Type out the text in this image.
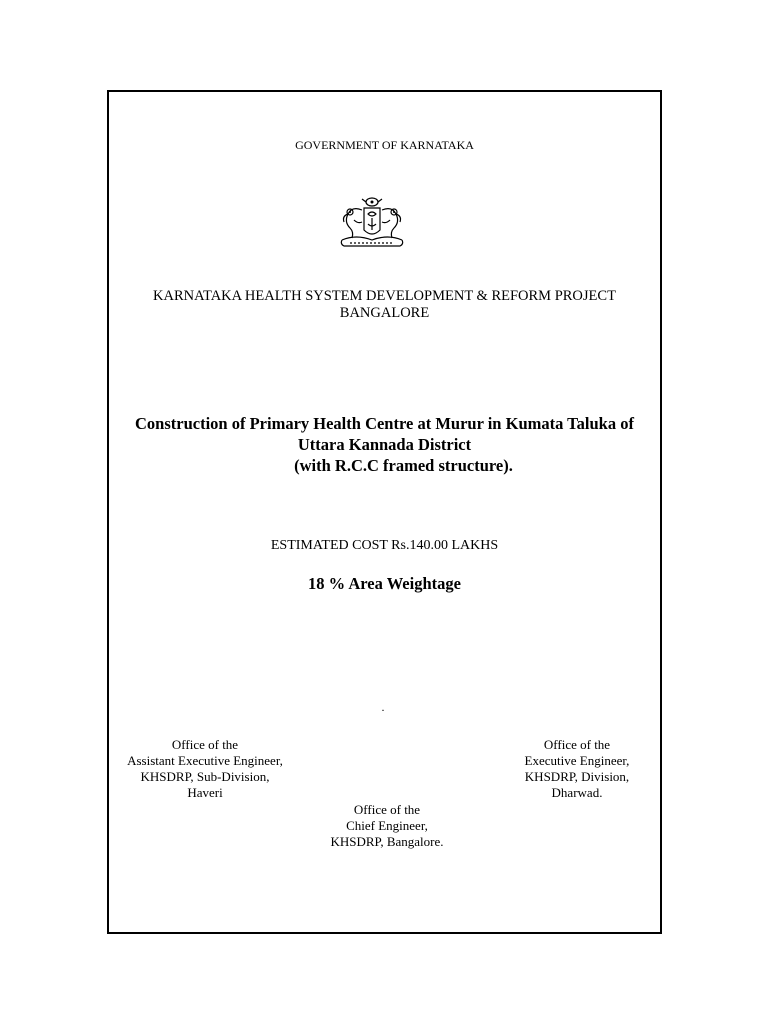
GOVERNMENT OF KARNATAKA
KARNATAKA HEALTH SYSTEM DEVELOPMENT & REFORM PROJECT
BANGALORE
Construction of Primary Health Centre at Murur in Kumata Taluka of
Uttara Kannada District
(with R.C.C framed structure).
ESTIMATED COST Rs.140.00 LAKHS
18 % Area Weightage
.
Office of the
Assistant Executive Engineer,
KHSDRP, Sub-Division,
Haveri
Office of the
Executive Engineer,
KHSDRP, Division,
Dharwad.
Office of the
Chief Engineer,
KHSDRP, Bangalore.
